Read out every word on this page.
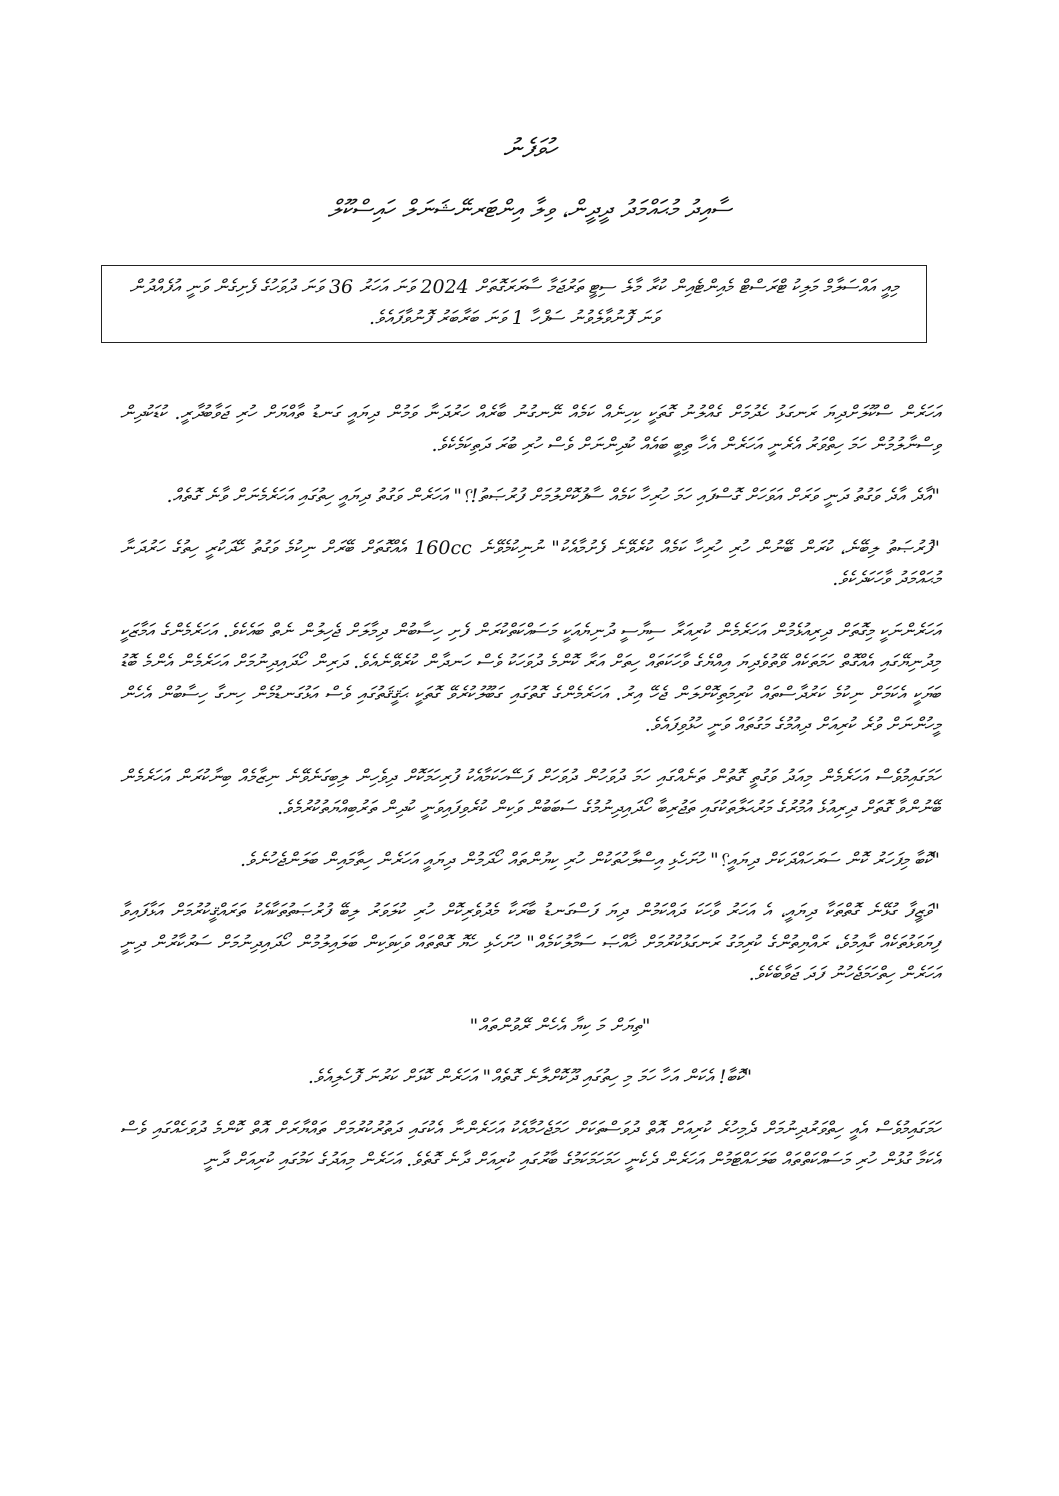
ހުވަފެނު
ސާއިދު މުޙައްމަދު ދީދީން، ވިލާ އިންޓަރނޭޝަނަލް ހައިސްކޫލް
މިއީ އައްސަލާމް މަލިކު ޓްރަސްޓް މެއިންޓެއިން ކުރާ މާލެ ސިޓީ ތަރުޖަމާ ސާރަރަގޮތަށް 2024 ވަނަ އަހަރު 36 ވަނަ ދުވަހުގެ ފެށިގެން ވަނީ އުފެއްދުން ވަނަ ފޮނުވާލެވުނު ސަފްހާ 1 ވަނަ ބަރާބަރު ފޮނުވާފައެވެ.

އަހަރެން ސްކޫލަށްދިޔަ ރަނގަޅު ހެދުމަށް ގެއްލުނު ގޮތަކީ ކިހިނެއް ކަމެއް ނޭނގުނު ބާރެއް ހަރުދަނާ ވަމުން ދިޔައީ ގަނޑު ތާއްޔަށް ހުރި ޖަވާބުދާރީ. ކުޑަކުދިން ވިސްނާލުމުން ހަމަ ހިތްވަރު އެރެނީ އަހަރެން އެހާ ތިބީ ބައެއް ކުދިންނަށް ވެސް ހުރި ބުރަ ދަތިކަމެކެވެ.

"އާދެ އާދެ ވަގުތު ދަނީ ވަރަށް އަވަހަށް ގޮސްފައި ހަމަ ހުރިހާ ކަމެއް ސާފުކޮށްލުމަށް ފުރުޞަތު!؟" އަހަރެން ވަގުތު ދިޔައީ ހިތުގައި އަހަރެމެނަށް ވާނެ ގޮތެއް.

"ފުރުޞަތު ލިބޭނެ، ކުރަން ބޭނުން ހުރި ހުރިހާ ކަމެއް ކުރެވޭނެ ފެށުމާއެކު" ނުނިކުމެވޭނެ 160cc އެއްގޮތަށް ބޭރަށް ނިކުމެ ވަގުތު ހޭދަކުރީ ހިތުގެ ހަރުދަނާ މުޙައްމަދު ވާހަކަދެކެވެ.

އަހަރެންނަކީ މިގޮތަށް ދިރިއުޅެމުން އަހަރެމެން ކުރިއަރާ ސިޔާސީ ދުނިޔެއަކީ މަސައްކަތްކުރަން ފެށި ހިސާބުން ދިމާލަށް ޖެހިލުން ނެތް ބައެކެވެ. އަހަރެމެންގެ އަމާޒަކީ މިދުނިޔޭގައި އެއްގޮތް ހަމަތަކެއް ވޭތުވެދިޔަ އިއްޔެގެ ވާހަކަތައް ހިތަށް އަރާ ކޮންމެ ދުވަހަކު ވެސް ހަނދާން ކުރެވޭނެއެވެ. ދަރިން ހޯދައިދިނުމަށް އަހަރެމެން އެންމެ ބޮޑު ބަޔަކީ އެކަމަށް ނިކުމެ ކަރުދާސްތައް ކުރިމަތިކޮށްލަން ޖެހޭ އިރު. އަހަރެމެންގެ ގޮތުގައި ގަބޫލުކުރެވޭ ގޮތަކީ ޙަޤީޤަތުގައި ވެސް އަޅުގަނޑުމެން ހިނގާ ހިސާބުން އެހެން މީހުންނަށް ވުރެ ކުރިއަށް ދިއުމުގެ މަގުތައް ވަނީ ހުޅުވިފައެވެ.

ހަމަގައިމުވެސް އަހަރެމެން މިއަދު ވަގުތީ ގޮތުން ތަނެއްގައި ހަމަ ދުވަހުން ދުވަހަށް ފަސޭހަކަމާއެކު ފުރިހަމަކޮށް ދިވެހިން ލިބިގަނެވޭނެ ނިޒާމެއް ބިނާކުރަން އަހަރެމެން ބޭނުންވާ ގޮތަށް ދިރިއުޅެ އުމުރުގެ މަރުޙަލާތަކުގައި ތަޖުރިބާ ހޯދައިދިނުމުގެ ސަބަބުން ވަކިން ކުރެވިފައިވަނީ ކުދިން ތަރުބިއްޔަތުކުރުމެވެ.

"ކޮބާ މިފަހަރު ކޮން ސަރަހައްދަކަށް ދިޔައީ؟" ހުށަހެޅި އިސްލާހުތަކުން ހުރި ކިޔުންތައް ހޯދަމުން ދިޔައީ އަހަރެން ހިތާމައިން ބަލަންޖެހުނެވެ.

"ވަޒީފާ ގުޅޭނެ ގޮތްތަކާ ދިޔައީ، އެ އަހަރު ވާހަކަ ދައްކަމުން ދިޔަ ފަސްގަނޑު ބާރަކާ މެދުވެރިކޮށް ހުރި ކުލަވަރު ލިބޭ ފުރުޞަތުތަކާއެކު ތަރައްޤީކުރުމަށް އަޅާފައިވާ ފިޔަވަޅުތަކެއް ގާއިމުވެ، ރައްޔިތުންގެ ކުރިމަގު ރަނގަޅުކުރުމަށް ޚާއްޞަ ސަމާލުކަމެއް" ހުށަހެޅި ހެޔޮ ގޮތްތައް ވަކިވަކިން ބަލައިލުމުން ހޯދައިދިނުމަށް ސަރުކާރުން ދިނީ އަހަރެން ހިތްހަމަޖެހުނު ފަދަ ޖަވާބެކެވެ.

"ތިޔަށް މަ ކިޔާ އެހެން ރޭވުންތައް"

"ކޮބާ! އެކަން އަހާ ހަމަ މި ހިތުގައި ދޫކޮށްލާނެ ގޮތެއް" އަހަރެން ކޮޅަށް ކަރުނަ ފޮހެލިއެވެ.

ހަމަގައިމުވެސް އެއީ ހިތްވަރުދިނުމަށް ދެމިހުރެ ކުރިއަށް އޮތް ދުވަސްތަކަށް ހަމަޖެހުމާއެކު އަހަރެންނާ އެކުގައި ދަތުރުކުރުމަށް ތައްޔާރަށް އޮތް ކޮންމެ ދުވަހެއްގައި ވެސް އެކަމާ ގުޅުން ހުރި މަސައްކަތްތައް ބަލަހައްޓަމުން އަހަރެން ދެކެނީ ހަމަހަމަކަމުގެ ބާރުގައި ކުރިއަށް ދާނެ ގޮތެވެ. އަހަރެން މިއަދުގެ ކަމުގައި ކުރިއަށް ދާނީ
